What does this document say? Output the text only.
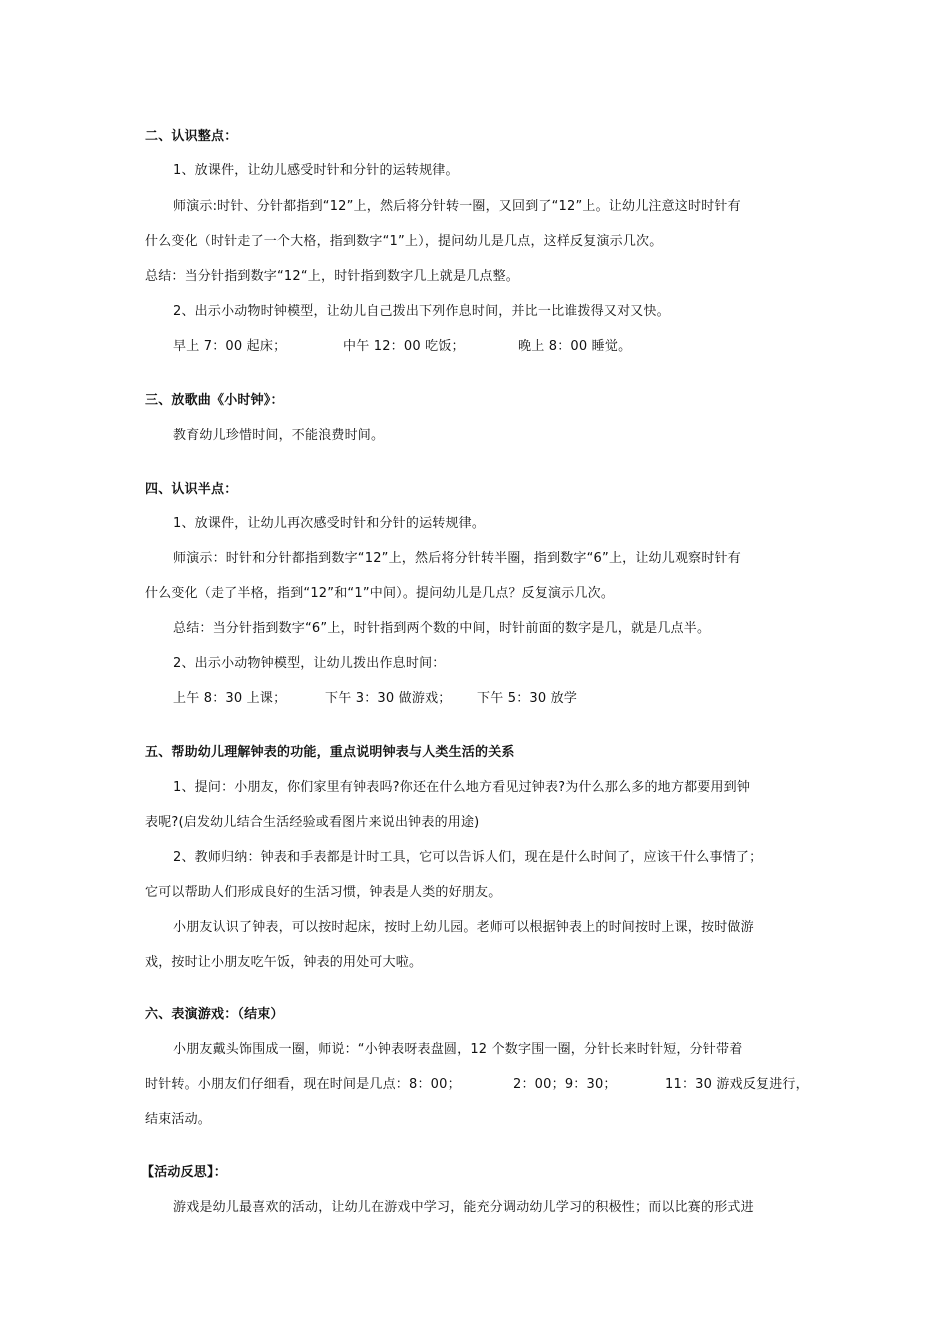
二、认识整点：
1、放课件，让幼儿感受时针和分针的运转规律。
师演示:时针、分针都指到“12”上，然后将分针转一圈，又回到了“12”上。让幼儿注意这时时针有
什么变化（时针走了一个大格，指到数字“1”上），提问幼儿是几点，这样反复演示几次。
总结：当分针指到数字“12“上，时针指到数字几上就是几点整。
2、出示小动物时钟模型，让幼儿自己拨出下列作息时间，并比一比谁拨得又对又快。
早上 7：00 起床；	中午 12：00 吃饭；	晚上 8：00 睡觉。
三、放歌曲《小时钟》：
教育幼儿珍惜时间，不能浪费时间。
四、认识半点：
1、放课件，让幼儿再次感受时针和分针的运转规律。
师演示：时针和分针都指到数字“12”上，然后将分针转半圈，指到数字“6”上，让幼儿观察时针有
什么变化（走了半格，指到“12”和“1”中间）。提问幼儿是几点？反复演示几次。
总结：当分针指到数字“6”上，时针指到两个数的中间，时针前面的数字是几，就是几点半。
2、出示小动物钟模型，让幼儿拨出作息时间：
上午 8：30 上课；	下午 3：30 做游戏； 下午 5：30 放学
五、帮助幼儿理解钟表的功能，重点说明钟表与人类生活的关系
1、提问：小朋友，你们家里有钟表吗?你还在什么地方看见过钟表?为什么那么多的地方都要用到钟
表呢?(启发幼儿结合生活经验或看图片来说出钟表的用途)
2、教师归纳：钟表和手表都是计时工具，它可以告诉人们，现在是什么时间了，应该干什么事情了；
它可以帮助人们形成良好的生活习惯，钟表是人类的好朋友。
小朋友认识了钟表，可以按时起床，按时上幼儿园。老师可以根据钟表上的时间按时上课，按时做游
戏，按时让小朋友吃午饭，钟表的用处可大啦。
六、表演游戏：（结束）
小朋友戴头饰围成一圈，师说：“小钟表呀表盘圆，12 个数字围一圈，分针长来时针短，分针带着
时针转。小朋友们仔细看，现在时间是几点：8：00；	2：00；9：30；	11：30 游戏反复进行，
结束活动。
【活动反思】：
游戏是幼儿最喜欢的活动，让幼儿在游戏中学习，能充分调动幼儿学习的积极性；而以比赛的形式进
